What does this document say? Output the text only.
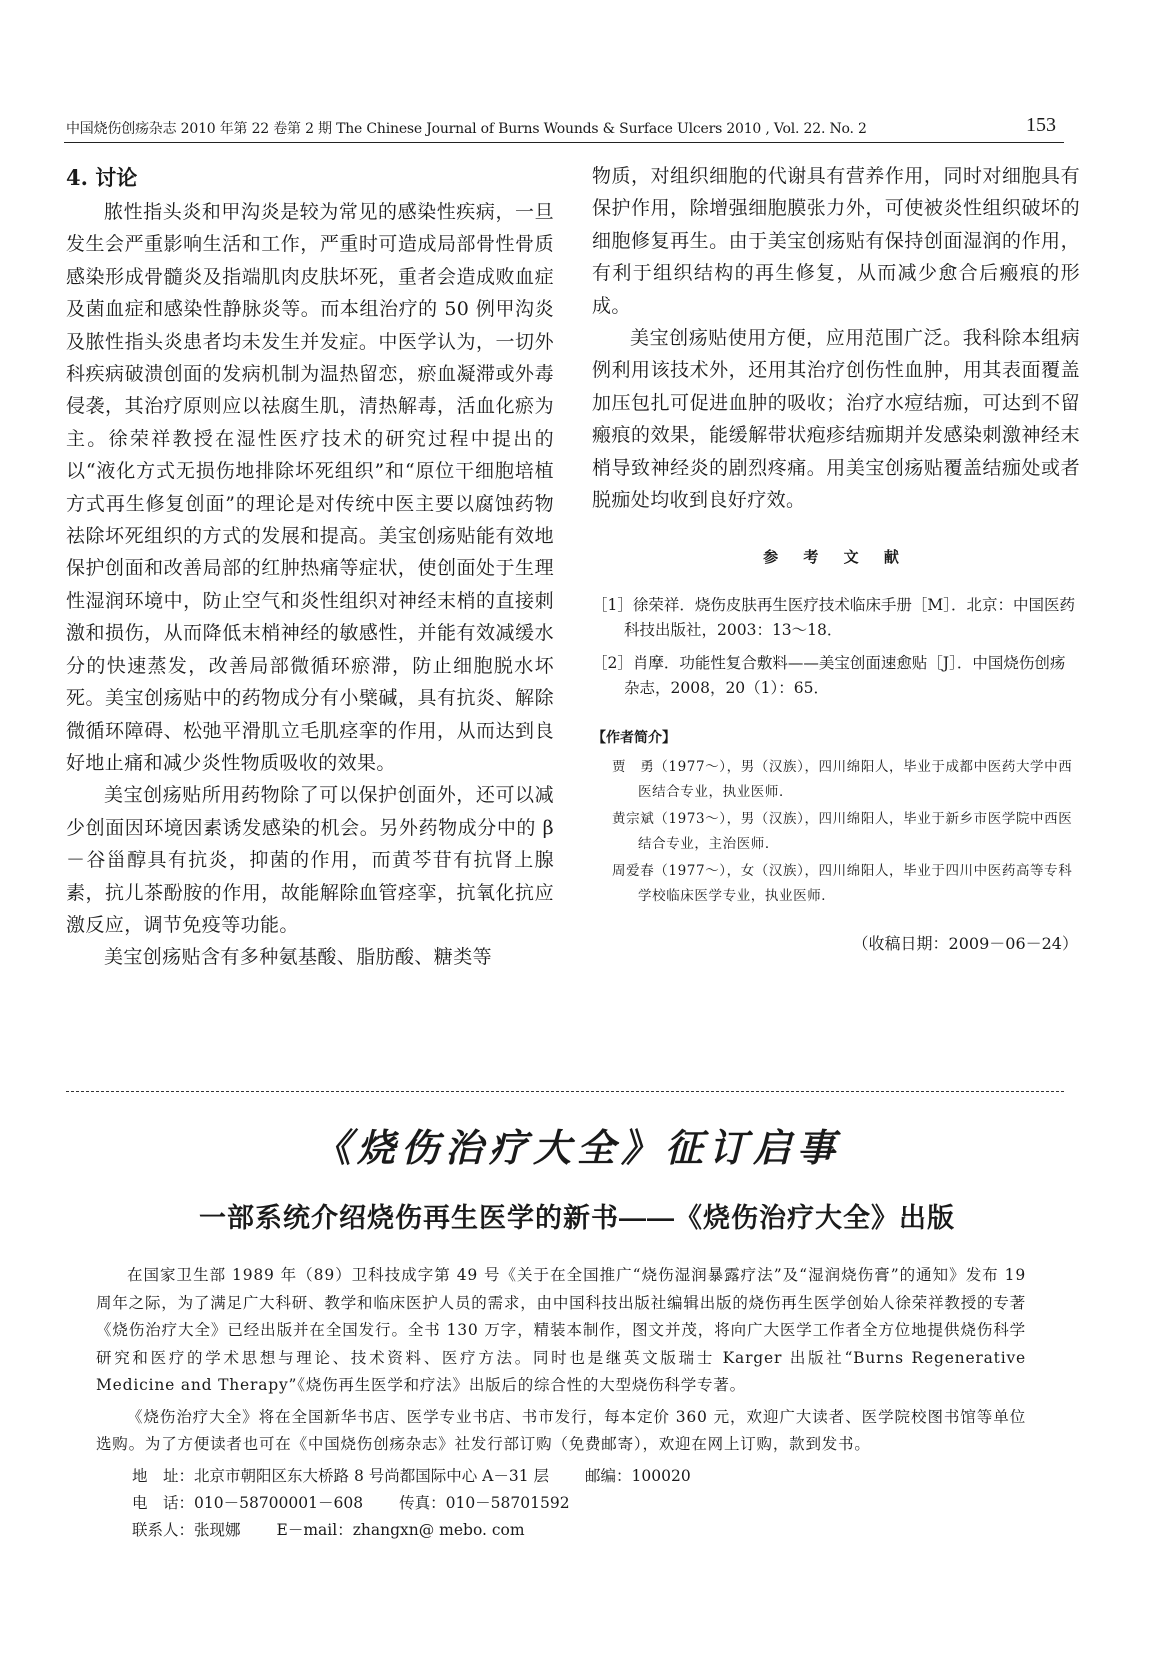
中国烧伤创疡杂志 2010 年第 22 卷第 2 期 The Chinese Journal of Burns Wounds & Surface Ulcers 2010 , Vol. 22. No. 2	153
4. 讨论

脓性指头炎和甲沟炎是较为常见的感染性疾病，一旦发生会严重影响生活和工作，严重时可造成局部骨性骨质感染形成骨髓炎及指端肌肉皮肤坏死，重者会造成败血症及菌血症和感染性静脉炎等。而本组治疗的 50 例甲沟炎及脓性指头炎患者均未发生并发症。中医学认为，一切外科疾病破溃创面的发病机制为温热留恋，瘀血凝滞或外毒侵袭，其治疗原则应以祛腐生肌，清热解毒，活血化瘀为主。徐荣祥教授在湿性医疗技术的研究过程中提出的以“液化方式无损伤地排除坏死组织”和“原位干细胞培植方式再生修复创面”的理论是对传统中医主要以腐蚀药物祛除坏死组织的方式的发展和提高。美宝创疡贴能有效地保护创面和改善局部的红肿热痛等症状，使创面处于生理性湿润环境中，防止空气和炎性组织对神经末梢的直接刺激和损伤，从而降低末梢神经的敏感性，并能有效减缓水分的快速蒸发，改善局部微循环瘀滞，防止细胞脱水坏死。美宝创疡贴中的药物成分有小檗碱，具有抗炎、解除微循环障碍、松弛平滑肌立毛肌痉挛的作用，从而达到良好地止痛和减少炎性物质吸收的效果。

美宝创疡贴所用药物除了可以保护创面外，还可以减少创面因环境因素诱发感染的机会。另外药物成分中的 β－谷甾醇具有抗炎，抑菌的作用，而黄芩苷有抗肾上腺素，抗儿茶酚胺的作用，故能解除血管痉挛，抗氧化抗应激反应，调节免疫等功能。

美宝创疡贴含有多种氨基酸、脂肪酸、糖类等

物质，对组织细胞的代谢具有营养作用，同时对细胞具有保护作用，除增强细胞膜张力外，可使被炎性组织破坏的细胞修复再生。由于美宝创疡贴有保持创面湿润的作用，有利于组织结构的再生修复，从而减少愈合后瘢痕的形成。

美宝创疡贴使用方便，应用范围广泛。我科除本组病例利用该技术外，还用其治疗创伤性血肿，用其表面覆盖加压包扎可促进血肿的吸收；治疗水痘结痂，可达到不留瘢痕的效果，能缓解带状疱疹结痂期并发感染刺激神经末梢导致神经炎的剧烈疼痛。用美宝创疡贴覆盖结痂处或者脱痂处均收到良好疗效。

参 考 文 献

［1］徐荣祥．烧伤皮肤再生医疗技术临床手册［M］．北京：中国医药科技出版社，2003：13～18．

［2］肖摩．功能性复合敷料——美宝创面速愈贴［J］．中国烧伤创疡杂志，2008，20（1）：65．

【作者简介】

贾　勇（1977～），男（汉族），四川绵阳人，毕业于成都中医药大学中西医结合专业，执业医师．

黄宗斌（1973～），男（汉族），四川绵阳人，毕业于新乡市医学院中西医结合专业，主治医师．

周爱春（1977～），女（汉族），四川绵阳人，毕业于四川中医药高等专科学校临床医学专业，执业医师．

（收稿日期：2009－06－24）
《烧伤治疗大全》征订启事
一部系统介绍烧伤再生医学的新书——《烧伤治疗大全》出版

在国家卫生部 1989 年（89）卫科技成字第 49 号《关于在全国推广“烧伤湿润暴露疗法”及“湿润烧伤膏”的通知》发布 19 周年之际，为了满足广大科研、教学和临床医护人员的需求，由中国科技出版社编辑出版的烧伤再生医学创始人徐荣祥教授的专著《烧伤治疗大全》已经出版并在全国发行。全书 130 万字，精装本制作，图文并茂，将向广大医学工作者全方位地提供烧伤科学研究和医疗的学术思想与理论、技术资料、医疗方法。同时也是继英文版瑞士 Karger 出版社“Burns Regenerative Medicine and Therapy”《烧伤再生医学和疗法》出版后的综合性的大型烧伤科学专著。

《烧伤治疗大全》将在全国新华书店、医学专业书店、书市发行，每本定价 360 元，欢迎广大读者、医学院校图书馆等单位选购。为了方便读者也可在《中国烧伤创疡杂志》社发行部订购（免费邮寄），欢迎在网上订购，款到发书。

地　址：北京市朝阳区东大桥路 8 号尚都国际中心 A－31 层 邮编：100020

电　话：010－58700001－608 传真：010－58701592

联系人：张现娜 E－mail：zhangxn@ mebo. com
